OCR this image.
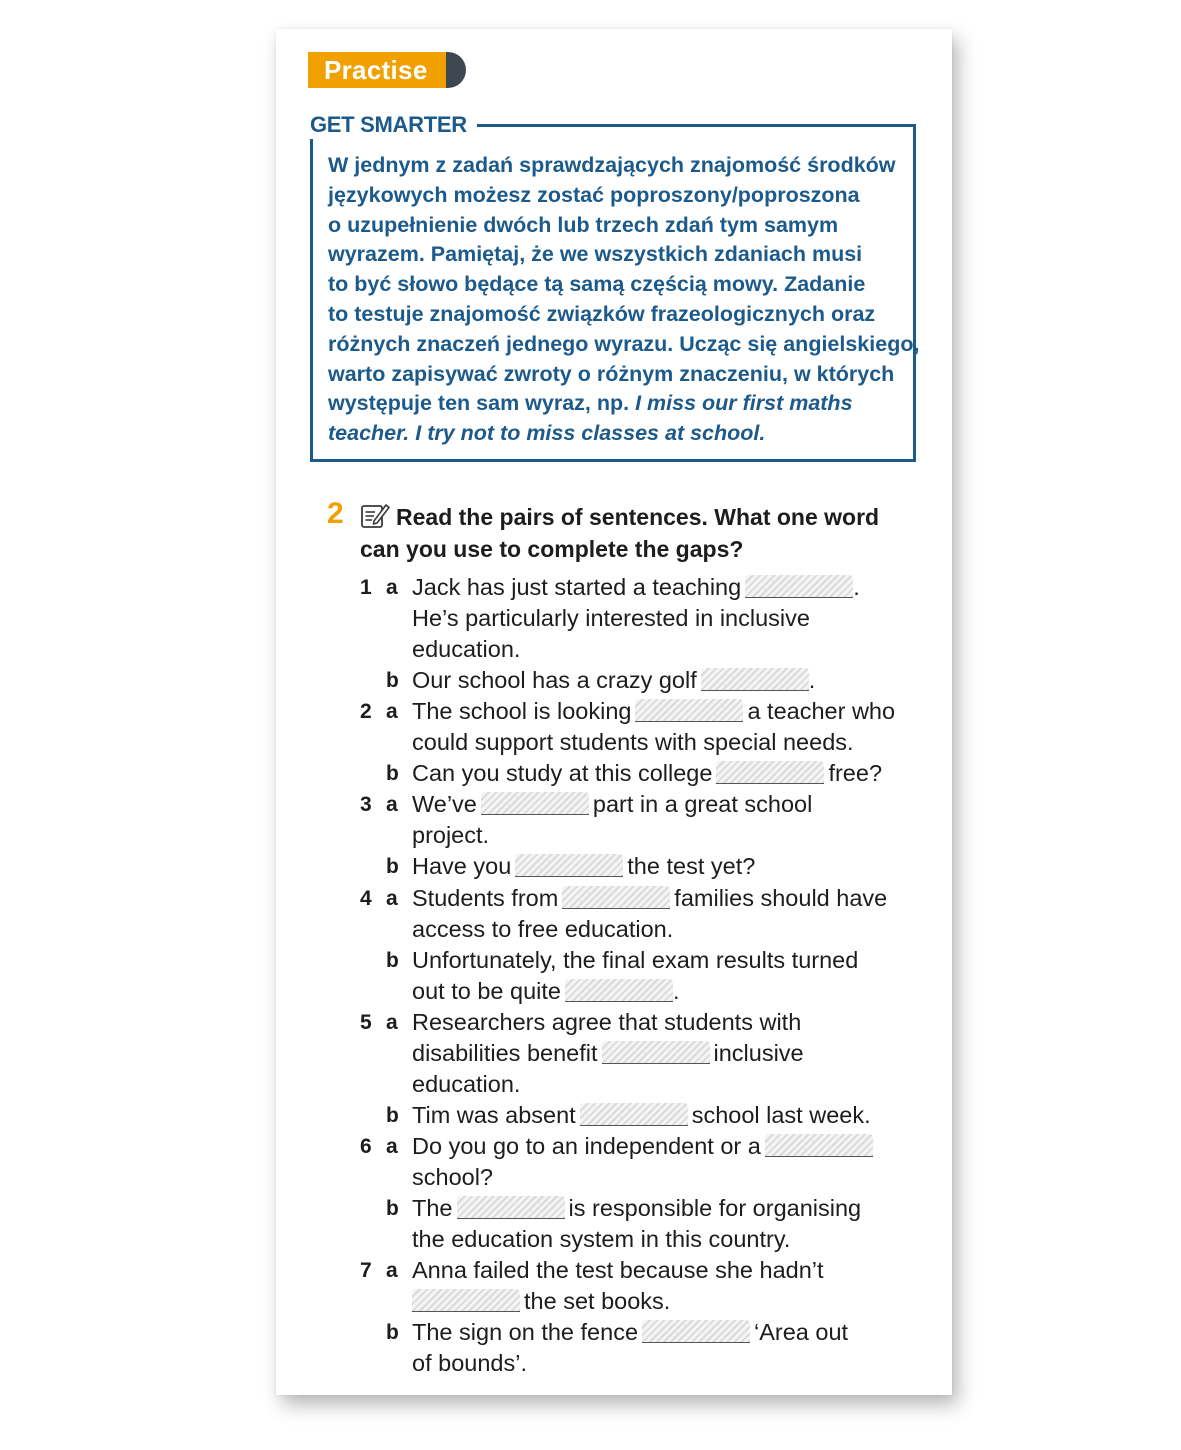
Practise
GET SMARTER
W jednym z zadań sprawdzających znajomość środków
językowych możesz zostać poproszony/poproszona
o uzupełnienie dwóch lub trzech zdań tym samym
wyrazem. Pamiętaj, że we wszystkich zdaniach musi
to być słowo będące tą samą częścią mowy. Zadanie
to testuje znajomość związków frazeologicznych oraz
różnych znaczeń jednego wyrazu. Ucząc się angielskiego,
warto zapisywać zwroty o różnym znaczeniu, w których
występuje ten sam wyraz, np. I miss our first maths
teacher. I try not to miss classes at school.
2	Read the pairs of sentences. What one word
can you use to complete the gaps?
1 a Jack has just started a teaching	.
He’s particularly interested in inclusive
education.
b Our school has a crazy golf	.
2 a The school is looking	a teacher who
could support students with special needs.
b Can you study at this college	free?
3 a We’ve	part in a great school
project.
b Have you	the test yet?
4 a Students from	families should have
access to free education.
b Unfortunately, the final exam results turned
out to be quite	.
5 a Researchers agree that students with
disabilities benefit	inclusive
education.
b Tim was absent	school last week.
6 a Do you go to an independent or a
school?
b The	is responsible for organising
the education system in this country.
7 a Anna failed the test because she hadn’t
the set books.
b The sign on the fence	‘Area out
of bounds’.
